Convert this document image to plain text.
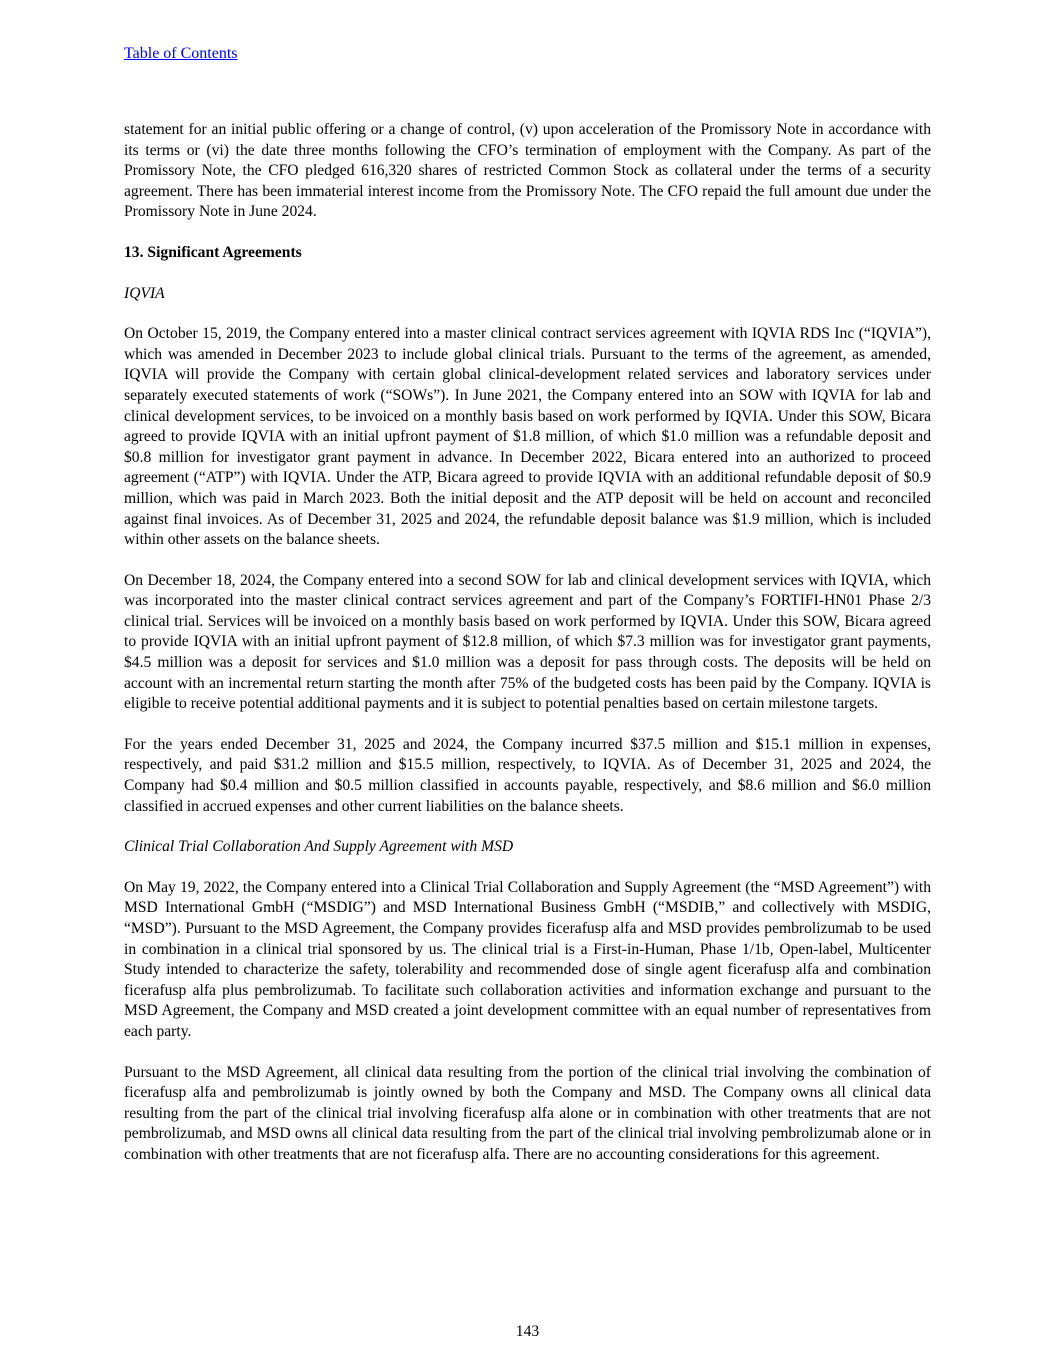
Table of Contents

statement for an initial public offering or a change of control, (v) upon acceleration of the Promissory Note in accordance with its terms or (vi) the date three months following the CFO’s termination of employment with the Company. As part of the Promissory Note, the CFO pledged 616,320 shares of restricted Common Stock as collateral under the terms of a security agreement. There has been immaterial interest income from the Promissory Note. The CFO repaid the full amount due under the Promissory Note in June 2024.

13. Significant Agreements

IQVIA

On October 15, 2019, the Company entered into a master clinical contract services agreement with IQVIA RDS Inc (“IQVIA”), which was amended in December 2023 to include global clinical trials. Pursuant to the terms of the agreement, as amended, IQVIA will provide the Company with certain global clinical-development related services and laboratory services under separately executed statements of work (“SOWs”). In June 2021, the Company entered into an SOW with IQVIA for lab and clinical development services, to be invoiced on a monthly basis based on work performed by IQVIA. Under this SOW, Bicara agreed to provide IQVIA with an initial upfront payment of $1.8 million, of which $1.0 million was a refundable deposit and $0.8 million for investigator grant payment in advance. In December 2022, Bicara entered into an authorized to proceed agreement (“ATP”) with IQVIA. Under the ATP, Bicara agreed to provide IQVIA with an additional refundable deposit of $0.9 million, which was paid in March 2023. Both the initial deposit and the ATP deposit will be held on account and reconciled against final invoices. As of December 31, 2025 and 2024, the refundable deposit balance was $1.9 million, which is included within other assets on the balance sheets.

On December 18, 2024, the Company entered into a second SOW for lab and clinical development services with IQVIA, which was incorporated into the master clinical contract services agreement and part of the Company’s FORTIFI-HN01 Phase 2/3 clinical trial. Services will be invoiced on a monthly basis based on work performed by IQVIA. Under this SOW, Bicara agreed to provide IQVIA with an initial upfront payment of $12.8 million, of which $7.3 million was for investigator grant payments, $4.5 million was a deposit for services and $1.0 million was a deposit for pass through costs. The deposits will be held on account with an incremental return starting the month after 75% of the budgeted costs has been paid by the Company. IQVIA is eligible to receive potential additional payments and it is subject to potential penalties based on certain milestone targets.

For the years ended December 31, 2025 and 2024, the Company incurred $37.5 million and $15.1 million in expenses, respectively, and paid $31.2 million and $15.5 million, respectively, to IQVIA. As of December 31, 2025 and 2024, the Company had $0.4 million and $0.5 million classified in accounts payable, respectively, and $8.6 million and $6.0 million classified in accrued expenses and other current liabilities on the balance sheets.

Clinical Trial Collaboration And Supply Agreement with MSD

On May 19, 2022, the Company entered into a Clinical Trial Collaboration and Supply Agreement (the “MSD Agreement”) with MSD International GmbH (“MSDIG”) and MSD International Business GmbH (“MSDIB,” and collectively with MSDIG, “MSD”). Pursuant to the MSD Agreement, the Company provides ficerafusp alfa and MSD provides pembrolizumab to be used in combination in a clinical trial sponsored by us. The clinical trial is a First-in-Human, Phase 1/1b, Open-label, Multicenter Study intended to characterize the safety, tolerability and recommended dose of single agent ficerafusp alfa and combination ficerafusp alfa plus pembrolizumab. To facilitate such collaboration activities and information exchange and pursuant to the MSD Agreement, the Company and MSD created a joint development committee with an equal number of representatives from each party.

Pursuant to the MSD Agreement, all clinical data resulting from the portion of the clinical trial involving the combination of ficerafusp alfa and pembrolizumab is jointly owned by both the Company and MSD. The Company owns all clinical data resulting from the part of the clinical trial involving ficerafusp alfa alone or in combination with other treatments that are not pembrolizumab, and MSD owns all clinical data resulting from the part of the clinical trial involving pembrolizumab alone or in combination with other treatments that are not ficerafusp alfa. There are no accounting considerations for this agreement.

143
